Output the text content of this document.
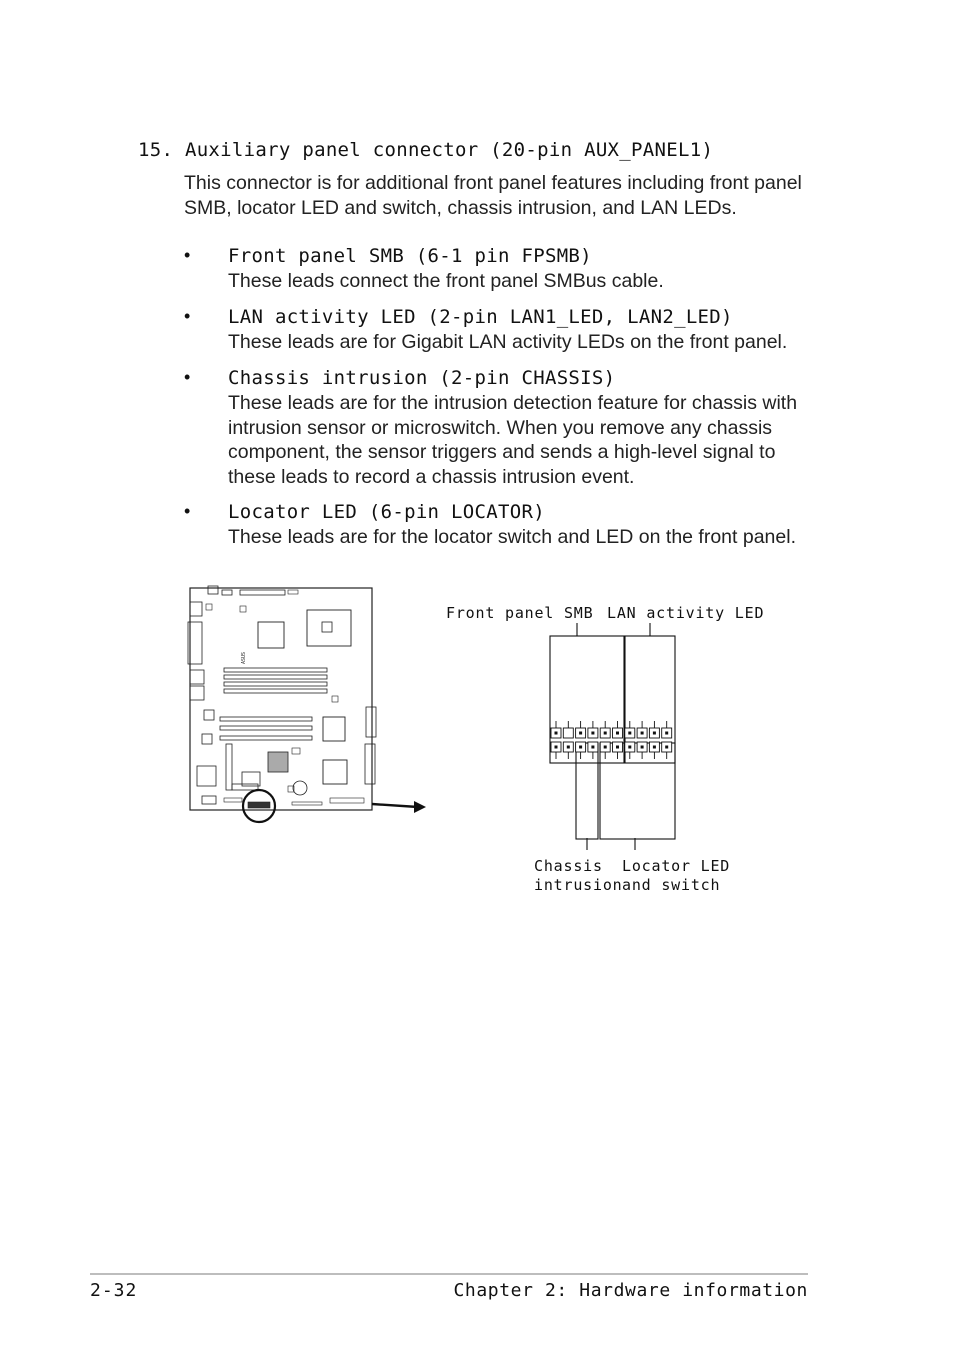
15. Auxiliary panel connector (20-pin AUX_PANEL1)
This connector is for additional front panel features including front panel SMB, locator LED and switch, chassis intrusion, and LAN LEDs.
• Front panel SMB (6-1 pin FPSMB)
These leads connect the front panel SMBus cable.
• LAN activity LED (2-pin LAN1_LED, LAN2_LED)
These leads are for Gigabit LAN activity LEDs on the front panel.
• Chassis intrusion (2-pin CHASSIS)
These leads are for the intrusion detection feature for chassis with intrusion sensor or microswitch. When you remove any chassis component, the sensor triggers and sends a high-level signal to these leads to record a chassis intrusion event.
• Locator LED (6-pin LOCATOR)
These leads are for the locator switch and LED on the front panel.
ASUS
Front panel SMB LAN activity LED
Chassis
intrusion
Locator LED
and switch
2-32	Chapter 2: Hardware information
